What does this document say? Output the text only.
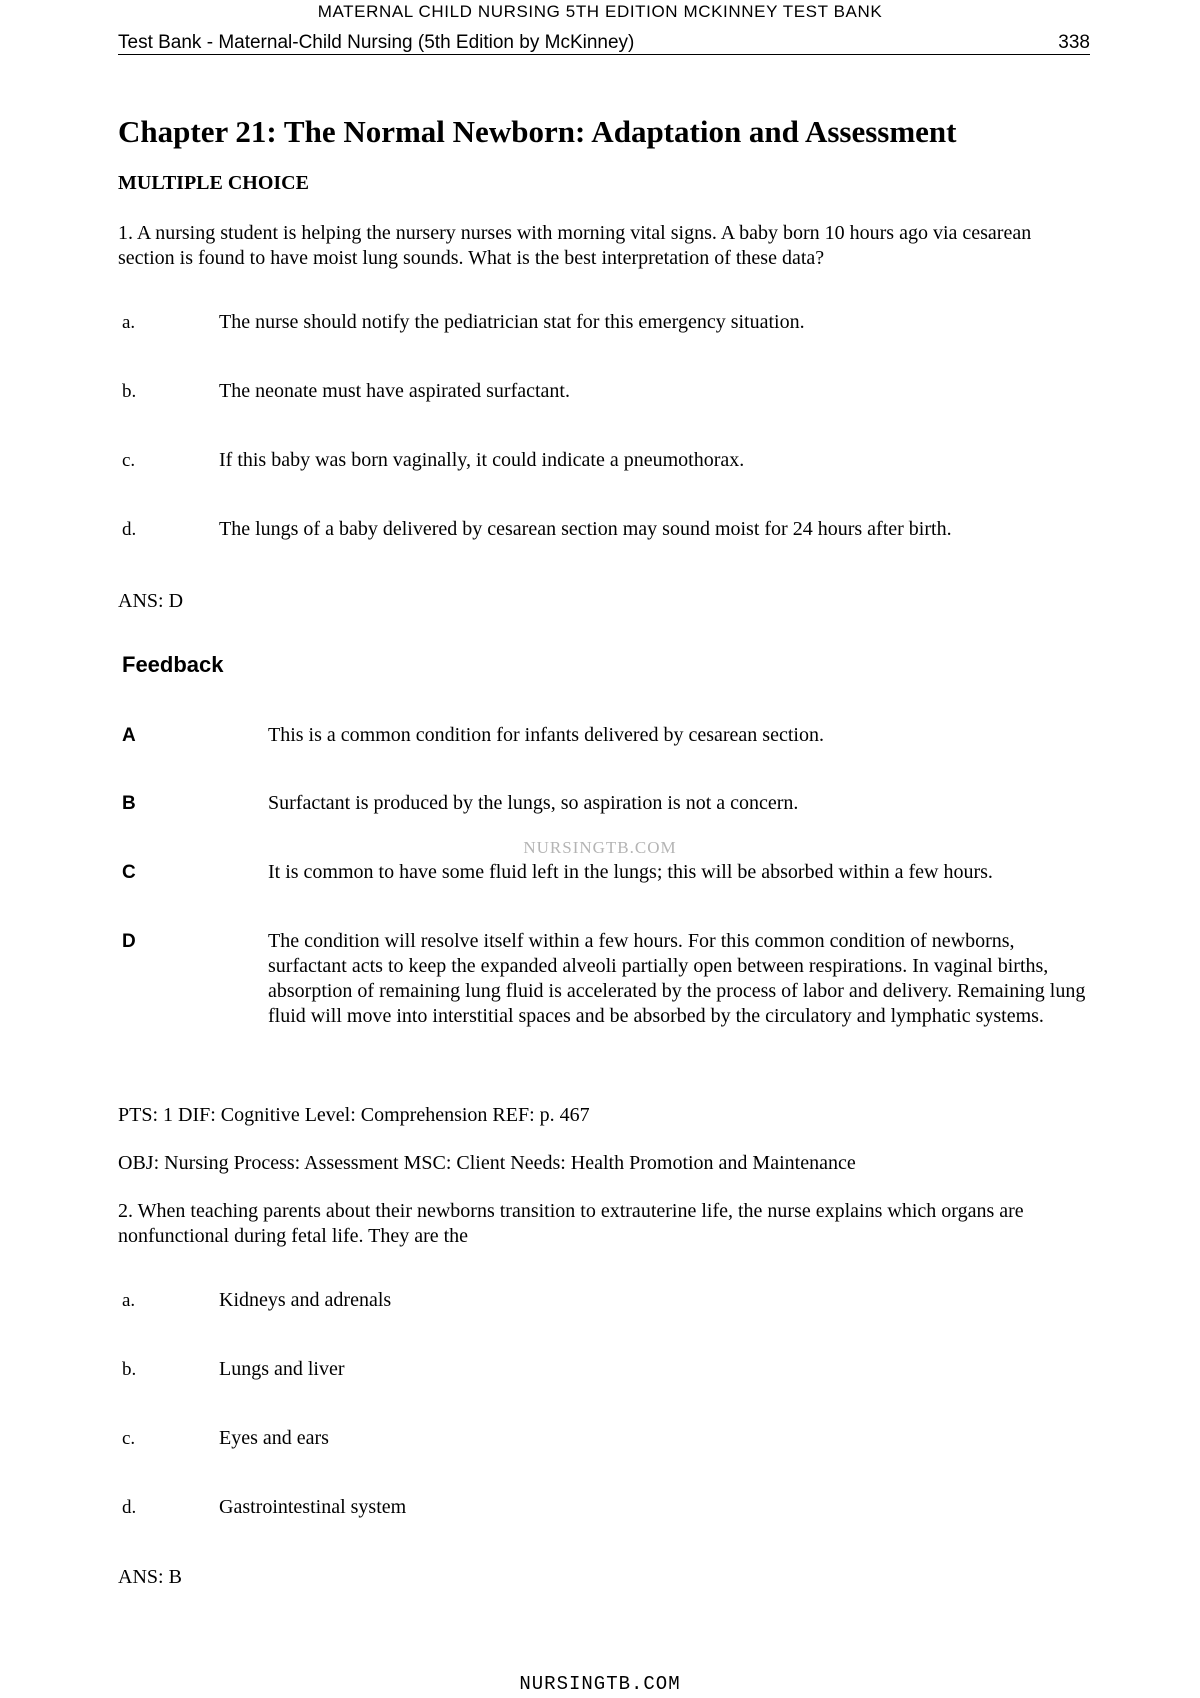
MATERNAL CHILD NURSING 5TH EDITION MCKINNEY TEST BANK
Test Bank - Maternal-Child Nursing (5th Edition by McKinney)	338
Chapter 21: The Normal Newborn: Adaptation and Assessment
MULTIPLE CHOICE
1. A nursing student is helping the nursery nurses with morning vital signs. A baby born 10 hours ago via cesarean section is found to have moist lung sounds. What is the best interpretation of these data?
a.	The nurse should notify the pediatrician stat for this emergency situation.
b.	The neonate must have aspirated surfactant.
c.	If this baby was born vaginally, it could indicate a pneumothorax.
d.	The lungs of a baby delivered by cesarean section may sound moist for 24 hours after birth.
ANS: D
Feedback
A	This is a common condition for infants delivered by cesarean section.
B	Surfactant is produced by the lungs, so aspiration is not a concern.
NURSINGTB.COM
C	It is common to have some fluid left in the lungs; this will be absorbed within a few hours.
D	The condition will resolve itself within a few hours. For this common condition of newborns, surfactant acts to keep the expanded alveoli partially open between respirations. In vaginal births, absorption of remaining lung fluid is accelerated by the process of labor and delivery. Remaining lung fluid will move into interstitial spaces and be absorbed by the circulatory and lymphatic systems.
PTS: 1 DIF: Cognitive Level: Comprehension REF: p. 467
OBJ: Nursing Process: Assessment MSC: Client Needs: Health Promotion and Maintenance
2. When teaching parents about their newborns transition to extrauterine life, the nurse explains which organs are nonfunctional during fetal life. They are the
a.	Kidneys and adrenals
b.	Lungs and liver
c.	Eyes and ears
d.	Gastrointestinal system
ANS: B
NURSINGTB.COM
